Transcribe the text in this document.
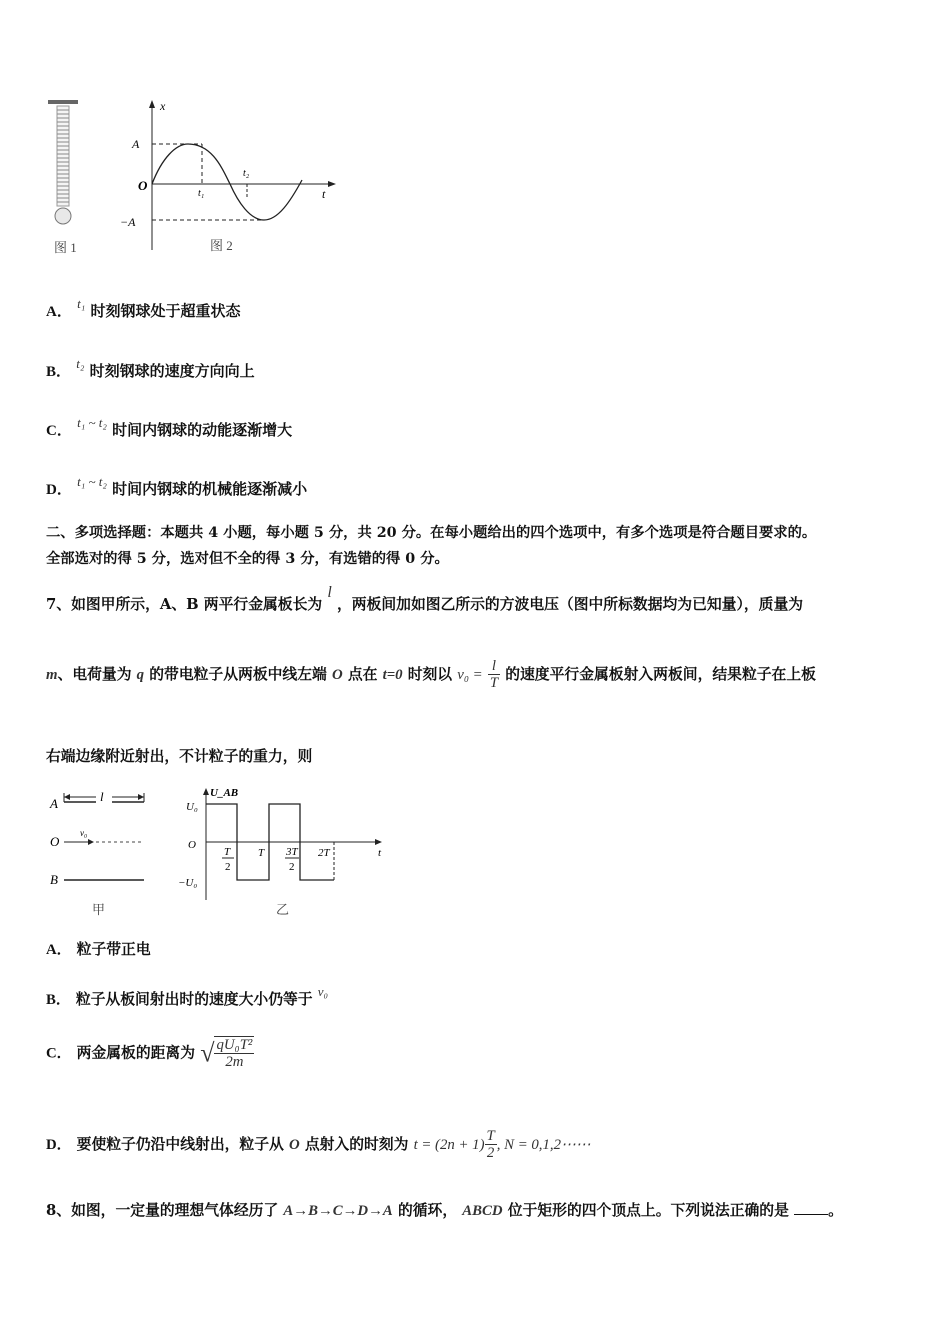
图 1
x
t
A
−A
O
t₁
t₂
图 2
A． t₁ 时刻钢球处于超重状态
B． t₂ 时刻钢球的速度方向向上
C． t₁ ~ t₂ 时间内钢球的动能逐渐增大
D． t₁ ~ t₂ 时间内钢球的机械能逐渐减小
二、多项选择题：本题共 4 小题，每小题 5 分，共 20 分。在每小题给出的四个选项中，有多个选项是符合题目要求的。
全部选对的得 5 分，选对但不全的得 3 分，有选错的得 0 分。
7、如图甲所示，A、B 两平行金属板长为 l ，两板间加如图乙所示的方波电压（图中所标数据均为已知量），质量为
m、电荷量为 q 的带电粒子从两板中线左端 O 点在 t=0 时刻以 $v_0 = \frac{l}{T}$ 的速度平行金属板射入两板间，结果粒子在上板
右端边缘附近射出，不计粒子的重力，则
A	l
O
v₀
B
甲
U_AB
t
U₀
O
−U₀
T
2
T 3T
2
2T
乙
A． 粒子带正电
B． 粒子从板间射出时的速度大小仍等于 v₀
C． 两金属板的距离为 √ $\frac{\text{qU₀T²}}{2m}$
D． 要使粒子仍沿中线射出，粒子从 O 点射入的时刻为 $t = (2n + 1) \frac{T}{2}$ , N = 0,1,2⋯⋯
8、如图，一定量的理想气体经历了 A→B→C→D→A 的循环， ABCD 位于矩形的四个顶点上。下列说法正确的是	。
